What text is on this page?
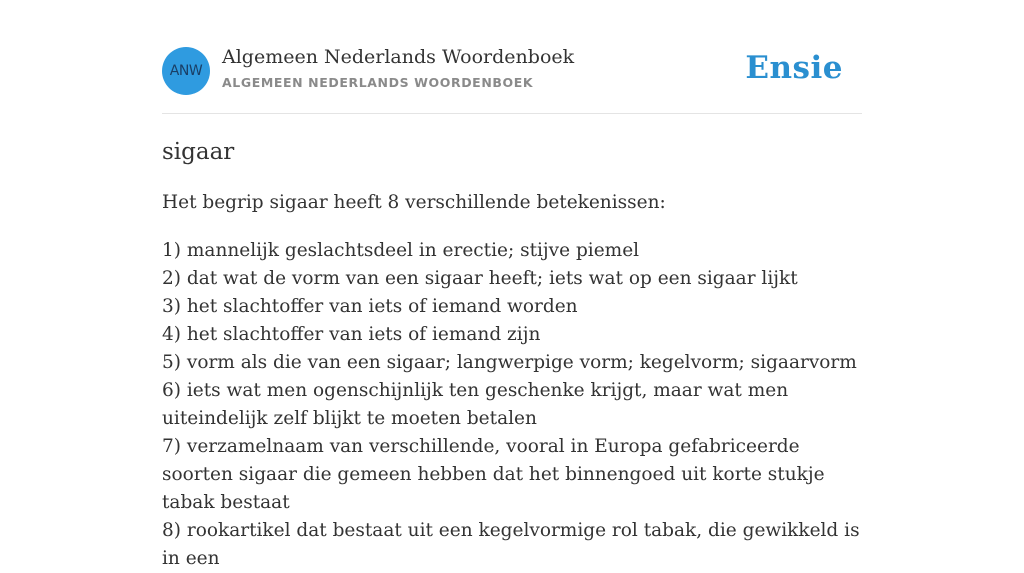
ANW
Algemeen Nederlands Woordenboek
ALGEMEEN NEDERLANDS WOORDENBOEK	Ensie
sigaar

Het begrip sigaar heeft 8 verschillende betekenissen:

1) mannelijk geslachtsdeel in erectie; stijve piemel
2) dat wat de vorm van een sigaar heeft; iets wat op een sigaar lijkt
3) het slachtoffer van iets of iemand worden
4) het slachtoffer van iets of iemand zijn
5) vorm als die van een sigaar; langwerpige vorm; kegelvorm; sigaarvorm
6) iets wat men ogenschijnlijk ten geschenke krijgt, maar wat men uiteindelijk zelf blijkt te moeten betalen
7) verzamelnaam van verschillende, vooral in Europa gefabriceerde soorten sigaar die gemeen hebben dat het binnengoed uit korte stukje tabak bestaat
8) rookartikel dat bestaat uit een kegelvormige rol tabak, die gewikkeld is in een
